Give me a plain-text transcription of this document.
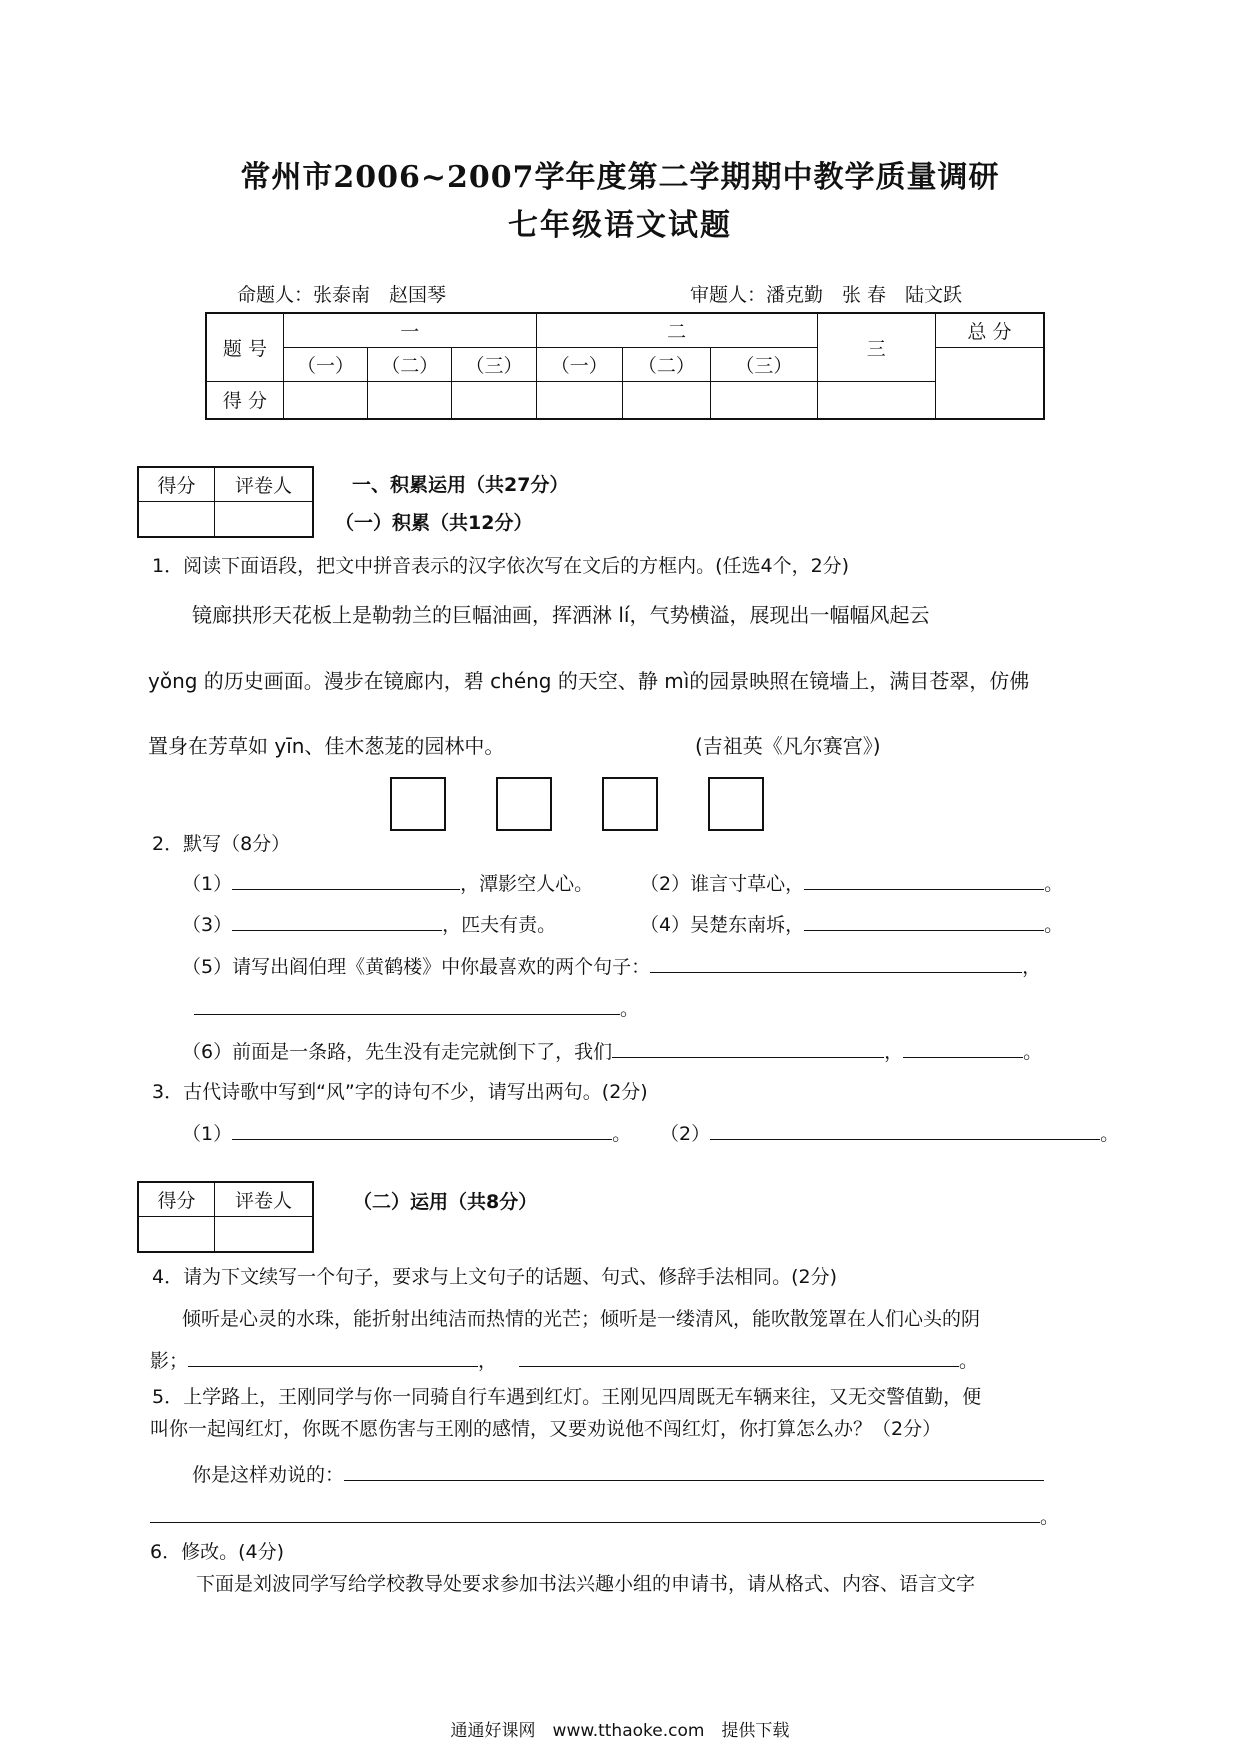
常州市2006~2007学年度第二学期期中教学质量调研
七年级语文试题
命题人：张泰南　赵国琴	审题人：潘克勤　张 春　陆文跃
题 号	一			二			三	总 分
	（一）	（二）	（三）	（一）	（二）	（三）		
得 分								
得分	评卷人
		一、积累运用（共27分）
（一）积累（共12分）
1．阅读下面语段，把文中拼音表示的汉字依次写在文后的方框内。(任选4个，2分)
镜廊拱形天花板上是勒勃兰的巨幅油画，挥洒淋 lí，气势横溢，展现出一幅幅风起云
yǒng 的历史画面。漫步在镜廊内，碧 chéng 的天空、静 mì的园景映照在镜墙上，满目苍翠，仿佛
置身在芳草如 yīn、佳木葱茏的园林中。	(吉祖英《凡尔赛宫》)
2．默写（8分）
（1）	，潭影空人心。 （2）谁言寸草心，	。
（3）	，匹夫有责。	（4）吴楚东南坼，	。
（5）请写出阎伯理《黄鹤楼》中你最喜欢的两个句子：	，
。
（6）前面是一条路，先生没有走完就倒下了，我们	，	。
3．古代诗歌中写到“风”字的诗句不少，请写出两句。(2分)
（1）	。 （2）	。
得分	评卷人
		（二）运用（共8分）
4．请为下文续写一个句子，要求与上文句子的话题、句式、修辞手法相同。(2分)
倾听是心灵的水珠，能折射出纯洁而热情的光芒；倾听是一缕清风，能吹散笼罩在人们心头的阴
影；	，	。
5．上学路上，王刚同学与你一同骑自行车遇到红灯。王刚见四周既无车辆来往，又无交警值勤，便
叫你一起闯红灯，你既不愿伤害与王刚的感情，又要劝说他不闯红灯，你打算怎么办？（2分）
你是这样劝说的：
。
6．修改。(4分)
下面是刘波同学写给学校教导处要求参加书法兴趣小组的申请书，请从格式、内容、语言文字
通通好课网　www.tthaoke.com　提供下载
